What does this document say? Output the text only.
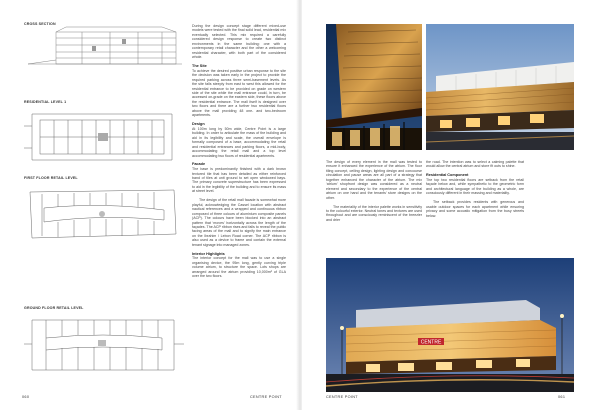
CROSS SECTION
RESIDENTIAL LEVEL 1
FIRST FLOOR RETAIL LEVEL
GROUND FLOOR RETAIL LEVEL

During the design concept stage different mixed-use models were tested with the final solid lead, residential mix eventually selected. This mix required a carefully considered design response to create two distinct environments in the same building: one with a contemporary retail character and the other a welcoming residential character, with both part of the considered whole.

The Site

To achieve the desired positive urban response to the site the decision was taken early in the project to provide the required parking across three semi-basement levels. As the site falls steeply from east to west this allowed for the residential entrance to be provided on grade on western side of the site while the mall entrance could, in turn, be accessed on-grade on the eastern side, these floors above the residential entrance. The mall itself is designed over two floors and there are a further two residential floors above the mall providing 48 one- and two-bedroom apartments.

Design

At 100m long by 50m wide, Centre Point is a large building. In order to articulate the mass of the building and aid in its legibility and scale, the overall envelope is formally composed of a base, accommodating the retail and residential entrances and parking floors, a mid-body, accommodating the retail mall and a top level accommodating two floors of residential apartments.

Facade

The base is predominantly finished with a dark brown textured tile that has been detailed as either reinforced band of tiles at unit ground to set open windowed bays. The primary concrete superstructure has been expressed to aid in the legibility of the building and to ensure its mass at street level.

The design of the retail mall facade is somewhat more playful, acknowledging the Cassel location with abstract nautical references and a wrapped and continuous ribbon composed of three colours of aluminium composite panels (ACP). The colours have been blocked into an abstract pattern that ‘moves’ horizontally across the length of the façades. The ACP ribbon rises and falls to reveal the public facing areas of the mall and to signify the main entrance on the Ibrahim / Lebon Road corner. The ACP ribbon is also used as a device to frame and contain the external tenant signage into managed zones.

Interior Highlights

The interior concept for the mall was to use a single organising device, the 95m long, gently curving triple volume atrium, to structure the space. Lots shops are arranged around the atrium providing 10,000m² of GLA over the two floors.

060	CENTRE POINT

The design of every element in the mall was tested to ensure it enhanced the experience of the atrium. The floor tiling concept, ceiling design, lighting design and concourse circulation and pause areas are all part of a strategy that together enhanced the character of the atrium. The mix ‘atrium’ shopfront design was considered as a neutral element and secondary to the experience of the central atrium on one hand and the tenants’ store designs on the other.

The materiality of the interior palette works in sensitivity to the colourful exterior. Neutral tones and textures are used throughout and are consciously reminiscent of the breezier and drier

the road. The intention was to select a calming palette that would allow the central atrium and store fit outs to shine.

Residential Component

The top two residential floors are setback from the retail façade below and, while sympathetic to the geometric form and architectural language of the building as a whole, are consciously different in their massing and materiality.

The setback provides residents with generous and usable outdoor spaces for each apartment while ensuring privacy and some acoustic mitigation from the busy streets below.

CENTRE
CENTRE POINT	061
